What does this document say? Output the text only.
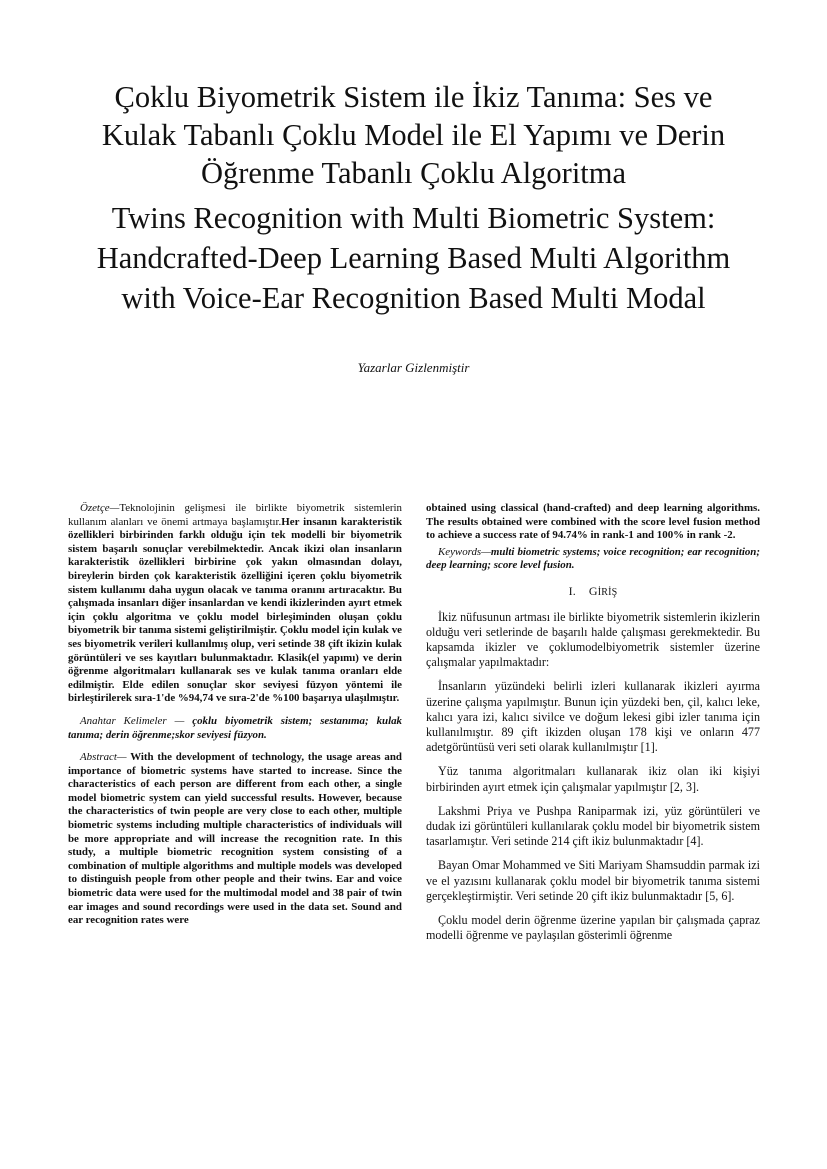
Çoklu Biyometrik Sistem ile İkiz Tanıma: Ses ve
Kulak Tabanlı Çoklu Model ile El Yapımı ve Derin
Öğrenme Tabanlı Çoklu Algoritma
Twins Recognition with Multi Biometric System:
Handcrafted-Deep Learning Based Multi Algorithm
with Voice-Ear Recognition Based Multi Modal
Yazarlar Gizlenmiştir

Özetçe—Teknolojinin gelişmesi ile birlikte biyometrik sistemlerin kullanım alanları ve önemi artmaya başlamıştır.Her insanın karakteristik özellikleri birbirinden farklı olduğu için tek modelli bir biyometrik sistem başarılı sonuçlar verebilmektedir. Ancak ikizi olan insanların karakteristik özellikleri birbirine çok yakın olmasından dolayı, bireylerin birden çok karakteristik özelliğini içeren çoklu biyometrik sistem kullanımı daha uygun olacak ve tanıma oranını artıracaktır. Bu çalışmada insanları diğer insanlardan ve kendi ikizlerinden ayırt etmek için çoklu algoritma ve çoklu model birleşiminden oluşan çoklu biyometrik bir tanıma sistemi geliştirilmiştir. Çoklu model için kulak ve ses biyometrik verileri kullanılmış olup, veri setinde 38 çift ikizin kulak görüntüleri ve ses kayıtları bulunmaktadır. Klasik(el yapımı) ve derin öğrenme algoritmaları kullanarak ses ve kulak tanıma oranları elde edilmiştir. Elde edilen sonuçlar skor seviyesi füzyon yöntemi ile birleştirilerek sıra-1'de %94,74 ve sıra-2'de %100 başarıya ulaşılmıştır.

Anahtar Kelimeler — çoklu biyometrik sistem; sestanıma; kulak tanıma; derin öğrenme;skor seviyesi füzyon.

Abstract— With the development of technology, the usage areas and importance of biometric systems have started to increase. Since the characteristics of each person are different from each other, a single model biometric system can yield successful results. However, because the characteristics of twin people are very close to each other, multiple biometric systems including multiple characteristics of individuals will be more appropriate and will increase the recognition rate. In this study, a multiple biometric recognition system consisting of a combination of multiple algorithms and multiple models was developed to distinguish people from other people and their twins. Ear and voice biometric data were used for the multimodal model and 38 pair of twin ear images and sound recordings were used in the data set. Sound and ear recognition rates were

obtained using classical (hand-crafted) and deep learning algorithms. The results obtained were combined with the score level fusion method to achieve a success rate of 94.74% in rank-1 and 100% in rank -2.

Keywords—multi biometric systems; voice recognition; ear recognition; deep learning; score level fusion.

I. GİRİŞ

İkiz nüfusunun artması ile birlikte biyometrik sistemlerin ikizlerin olduğu veri setlerinde de başarılı halde çalışması gerekmektedir. Bu kapsamda ikizler ve çoklumodelbiyometrik sistemler üzerine çalışmalar yapılmaktadır:

İnsanların yüzündeki belirli izleri kullanarak ikizleri ayırma üzerine çalışma yapılmıştır. Bunun için yüzdeki ben, çil, kalıcı leke, kalıcı yara izi, kalıcı sivilce ve doğum lekesi gibi izler tanıma için kullanılmıştır. 89 çift ikizden oluşan 178 kişi ve onların 477 adetgörüntüsü veri seti olarak kullanılmıştır [1].

Yüz tanıma algoritmaları kullanarak ikiz olan iki kişiyi birbirinden ayırt etmek için çalışmalar yapılmıştır [2, 3].

Lakshmi Priya ve Pushpa Raniparmak izi, yüz görüntüleri ve dudak izi görüntüleri kullanılarak çoklu model bir biyometrik sistem tasarlamıştır. Veri setinde 214 çift ikiz bulunmaktadır [4].

Bayan Omar Mohammed ve Siti Mariyam Shamsuddin parmak izi ve el yazısını kullanarak çoklu model bir biyometrik tanıma sistemi gerçekleştirmiştir. Veri setinde 20 çift ikiz bulunmaktadır [5, 6].

Çoklu model derin öğrenme üzerine yapılan bir çalışmada çapraz modelli öğrenme ve paylaşılan gösterimli öğrenme
